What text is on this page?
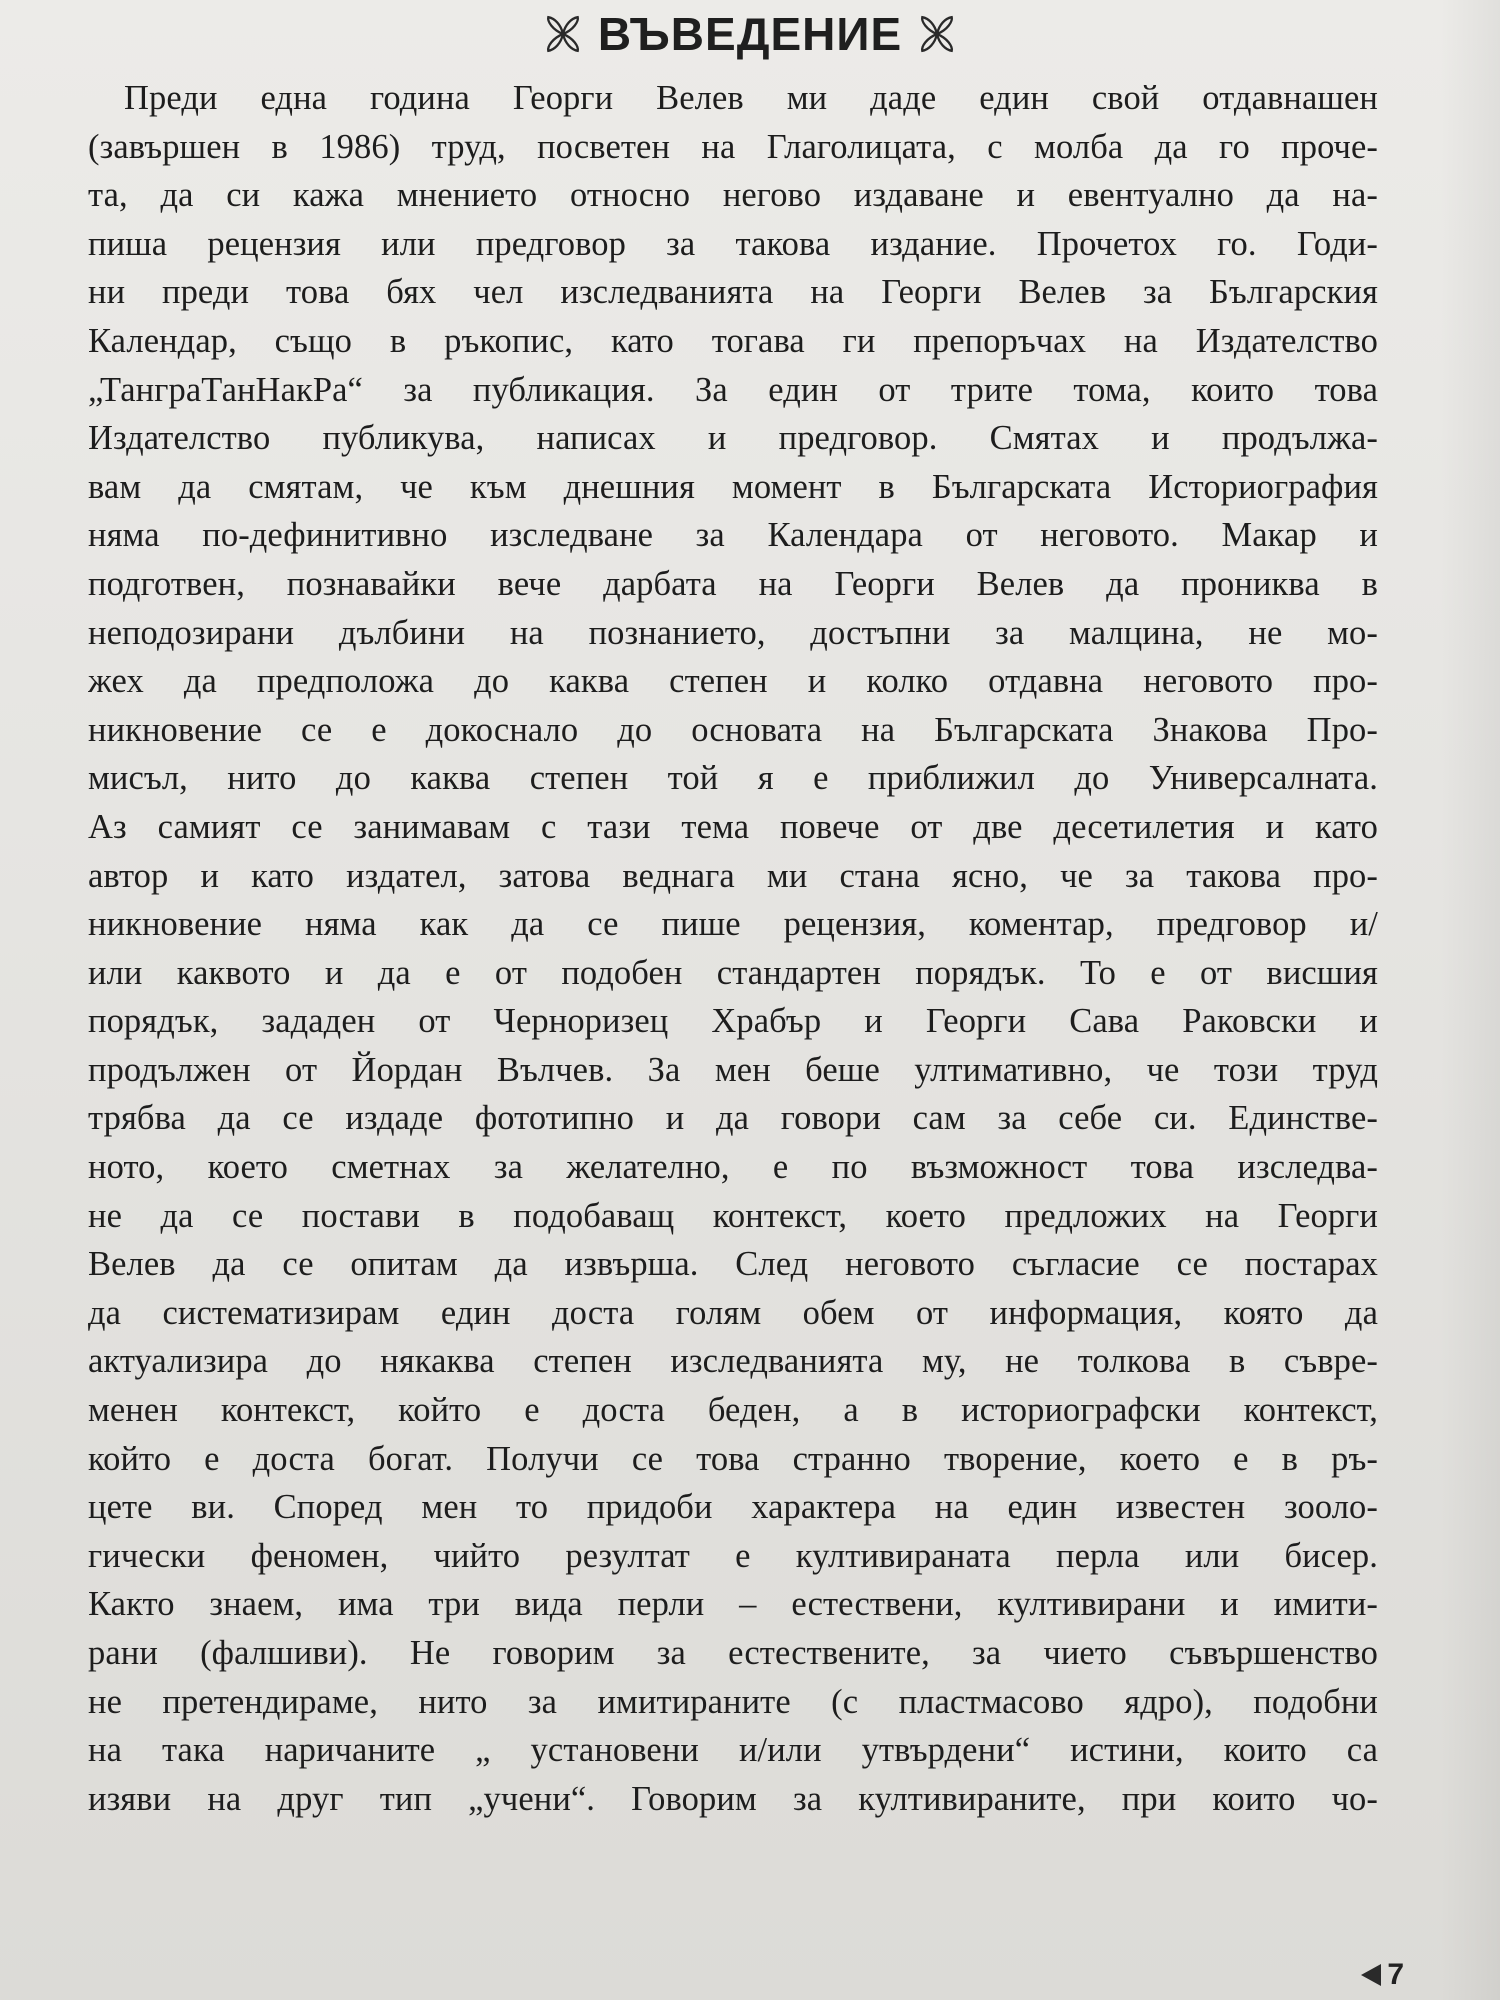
ВЪВЕДЕНИЕ
Преди една година Георги Велев ми даде един свой отдавнашен
(завършен в 1986) труд, посветен на Глаголицата, с молба да го проче-
та, да си кажа мнението относно негово издаване и евентуално да на-
пиша рецензия или предговор за такова издание. Прочетох го. Годи-
ни преди това бях чел изследванията на Георги Велев за Българския
Календар, също в ръкопис, като тогава ги препоръчах на Издателство
„ТанграТанНакРа“ за публикация. За един от трите тома, които това
Издателство публикува, написах и предговор. Смятах и продължа-
вам да смятам, че към днешния момент в Българската Историография
няма по-дефинитивно изследване за Календара от неговото. Макар и
подготвен, познавайки вече дарбата на Георги Велев да прониква в
неподозирани дълбини на познанието, достъпни за малцина, не мо-
жех да предположа до каква степен и колко отдавна неговото про-
никновение се е докоснало до основата на Българската Знакова Про-
мисъл, нито до каква степен той я е приближил до Универсалната.
Аз самият се занимавам с тази тема повече от две десетилетия и като
автор и като издател, затова веднага ми стана ясно, че за такова про-
никновение няма как да се пише рецензия, коментар, предговор и/
или каквото и да е от подобен стандартен порядък. То е от висшия
порядък, зададен от Черноризец Храбър и Георги Сава Раковски и
продължен от Йордан Вълчев. За мен беше ултимативно, че този труд
трябва да се издаде фототипно и да говори сам за себе си. Единстве-
ното, което сметнах за желателно, е по възможност това изследва-
не да се постави в подобаващ контекст, което предложих на Георги
Велев да се опитам да извърша. След неговото съгласие се постарах
да систематизирам един доста голям обем от информация, която да
актуализира до някаква степен изследванията му, не толкова в съвре-
менен контекст, който е доста беден, а в историографски контекст,
който е доста богат. Получи се това странно творение, което е в ръ-
цете ви. Според мен то придоби характера на един известен зооло-
гически феномен, чийто резултат е култивираната перла или бисер.
Както знаем, има три вида перли – естествени, култивирани и имити-
рани (фалшиви). Не говорим за естествените, за чието съвършенство
не претендираме, нито за имитираните (с пластмасово ядро), подобни
на така наричаните „ установени и/или утвърдени“ истини, които са
изяви на друг тип „учени“. Говорим за култивираните, при които чо-
7
